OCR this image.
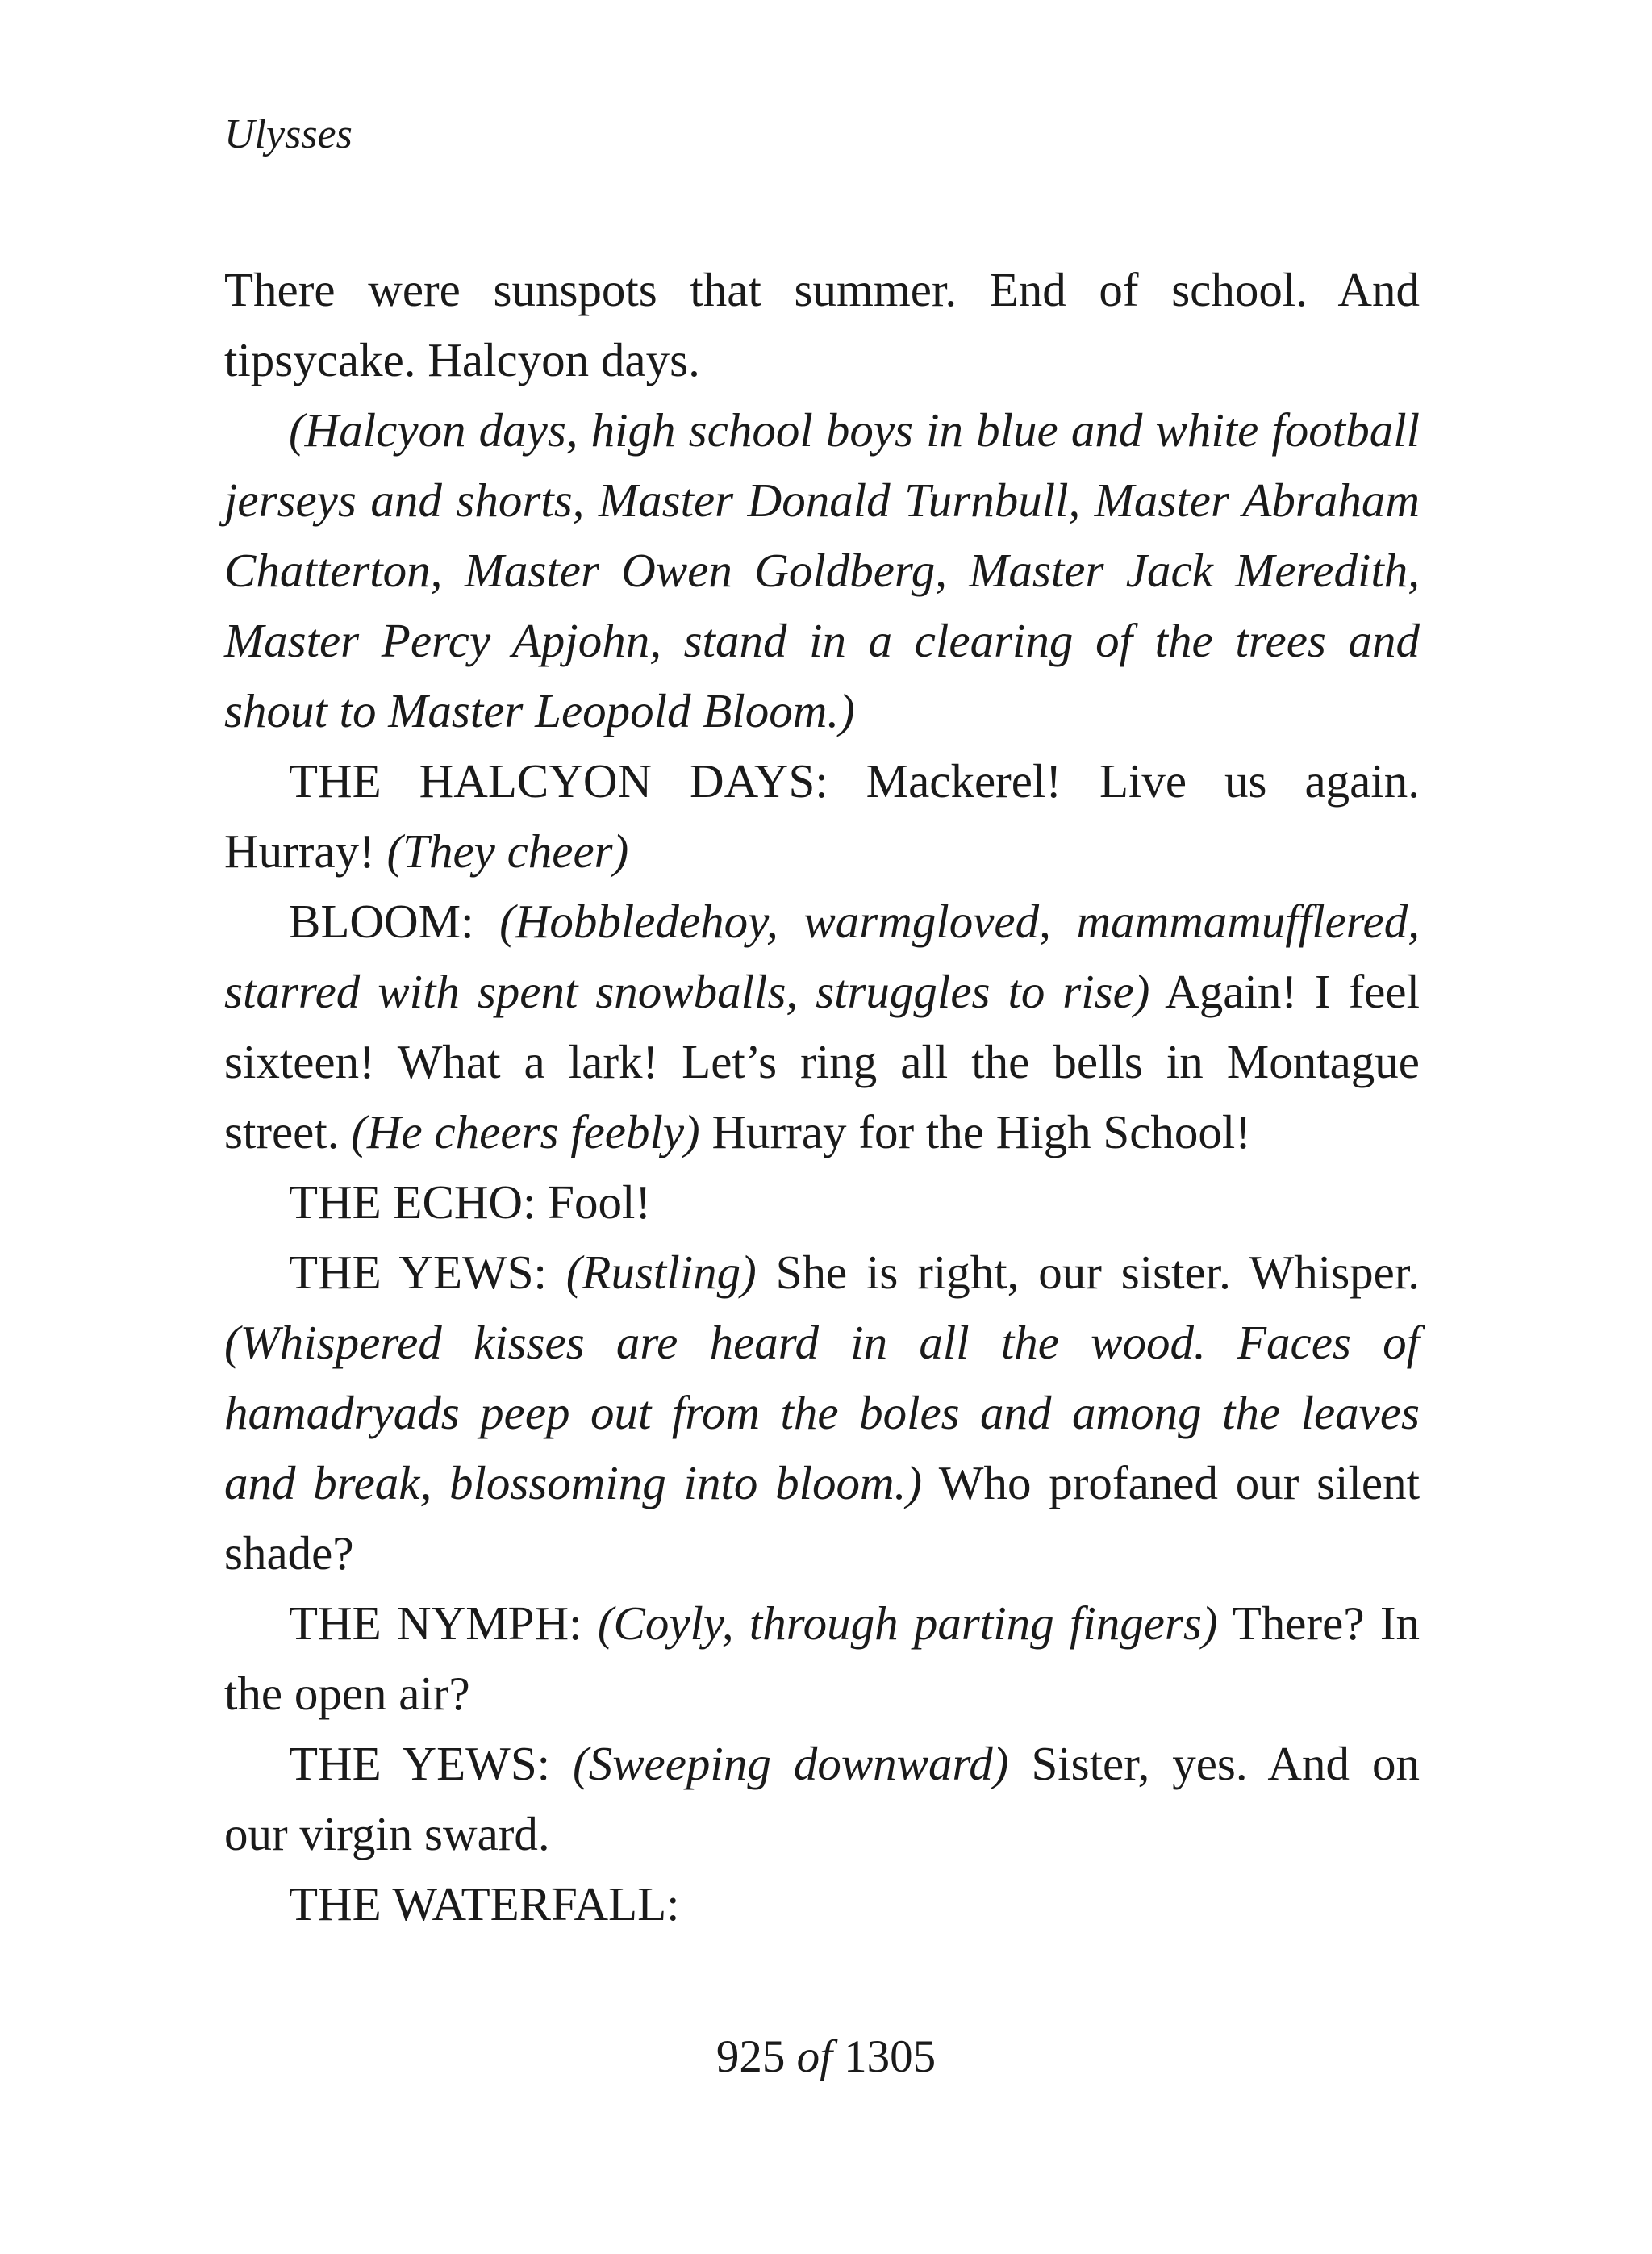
Ulysses

There were sunspots that summer. End of school. And tipsycake. Halcyon days.

(Halcyon days, high school boys in blue and white football jerseys and shorts, Master Donald Turnbull, Master Abraham Chatterton, Master Owen Goldberg, Master Jack Meredith, Master Percy Apjohn, stand in a clearing of the trees and shout to Master Leopold Bloom.)

THE HALCYON DAYS: Mackerel! Live us again. Hurray! (They cheer)

BLOOM: (Hobbledehoy, warmgloved, mammamufflered, starred with spent snowballs, struggles to rise) Again! I feel sixteen! What a lark! Let’s ring all the bells in Montague street. (He cheers feebly) Hurray for the High School!

THE ECHO: Fool!

THE YEWS: (Rustling) She is right, our sister. Whisper. (Whispered kisses are heard in all the wood. Faces of hamadryads peep out from the boles and among the leaves and break, blossoming into bloom.) Who profaned our silent shade?

THE NYMPH: (Coyly, through parting fingers) There? In the open air?

THE YEWS: (Sweeping downward) Sister, yes. And on our virgin sward.

THE WATERFALL:

925 of 1305
